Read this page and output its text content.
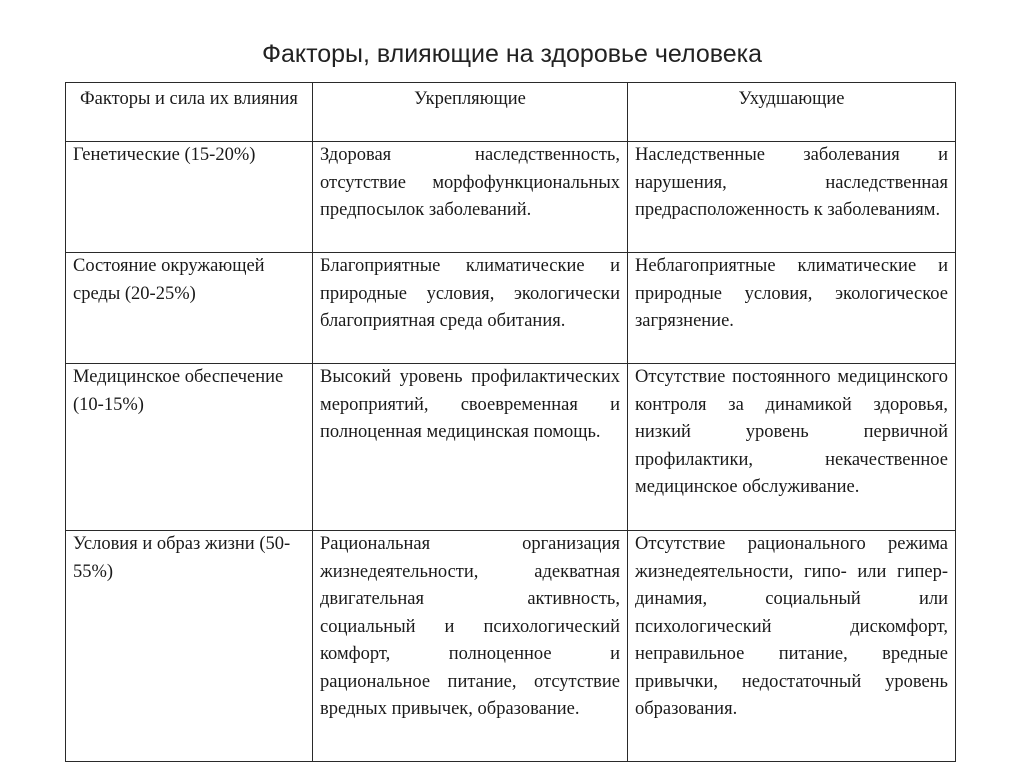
Факторы, влияющие на здоровье человека
Факторы и сила их влияния	Укрепляющие	Ухудшающие
Генетические (15-20%)	Здоровая наследственность, отсутствие морфофункциональных предпосылок заболеваний.	Наследственные заболевания и нарушения, наследственная предрасположенность к заболеваниям.
Состояние окружающей среды (20-25%)	Благоприятные климатические и природные условия, экологически благоприятная среда обитания.	Неблагоприятные климатические и природные условия, экологическое загрязнение.
Медицинское обеспечение (10-15%)	Высокий уровень профилактических мероприятий, своевременная и полноценная медицинская помощь.	Отсутствие постоянного медицинского контроля за динамикой здоровья, низкий уровень первичной профилактики, некачественное медицинское обслуживание.
Условия и образ жизни (50-55%)	Рациональная организация жизнедеятельности, адекватная двигательная активность, социальный и психологический комфорт, полноценное и рациональное питание, отсутствие вредных привычек, образование.	Отсутствие рационального режима жизнедеятельности, гипо- или гипер- динамия, социальный или психологический дискомфорт, неправильное питание, вредные привычки, недостаточный уровень образования.
